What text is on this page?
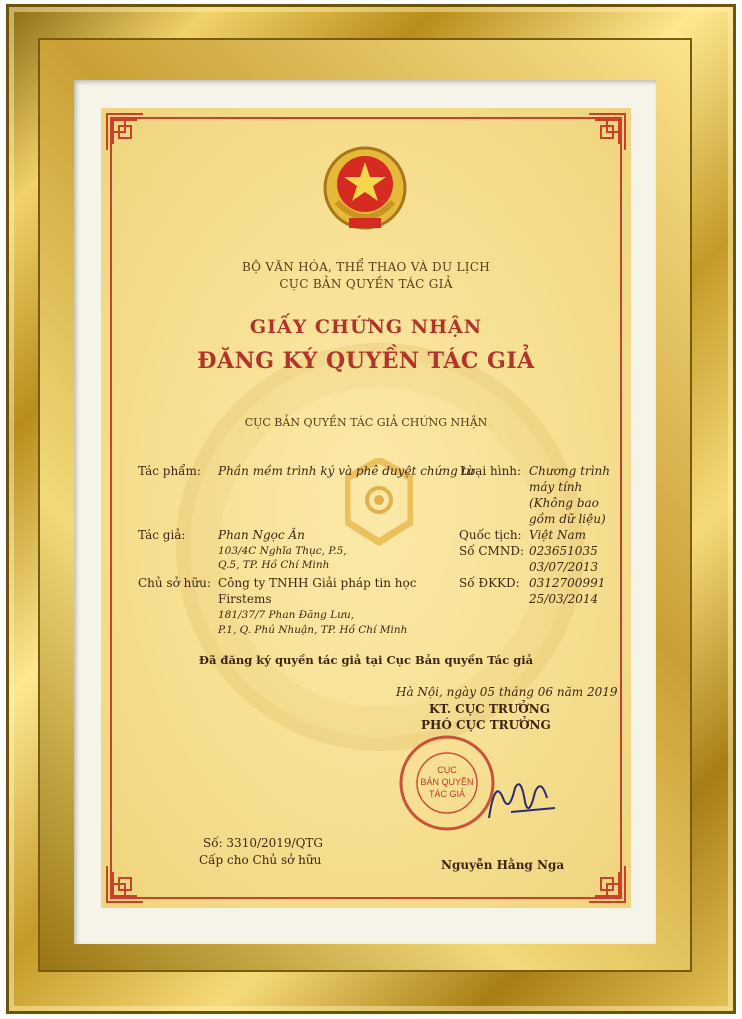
BỘ VĂN HÓA, THỂ THAO VÀ DU LỊCH
CỤC BẢN QUYỀN TÁC GIẢ
GIẤY CHỨNG NHẬN
ĐĂNG KÝ QUYỀN TÁC GIẢ
CỤC BẢN QUYỀN TÁC GIẢ CHỨNG NHẬN
Tác phẩm: Phần mềm trình ký và phê duyệt chứng từ
Loại hình: Chương trình
máy tính
(Không bao
gồm dữ liệu)
Tác giả:	Phan Ngọc Ân
103/4C Nghĩa Thục, P.5,
Q.5, TP. Hồ Chí Minh
Quốc tịch: Việt Nam
Số CMND: 023651035
03/07/2013
Chủ sở hữu: Công ty TNHH Giải pháp tin học
Firstems
181/37/7 Phan Đăng Lưu,
P.1, Q. Phú Nhuận, TP. Hồ Chí Minh
Số ĐKKD: 0312700991
25/03/2014
Đã đăng ký quyền tác giả tại Cục Bản quyền Tác giả
Hà Nội, ngày 05 tháng 06 năm 2019
KT. CỤC TRƯỞNG
PHÓ CỤC TRƯỞNG
CỤC
BẢN QUYỀN
TÁC GIẢ
Nguyễn Hằng Nga
Số: 3310/2019/QTG
Cấp cho Chủ sở hữu
